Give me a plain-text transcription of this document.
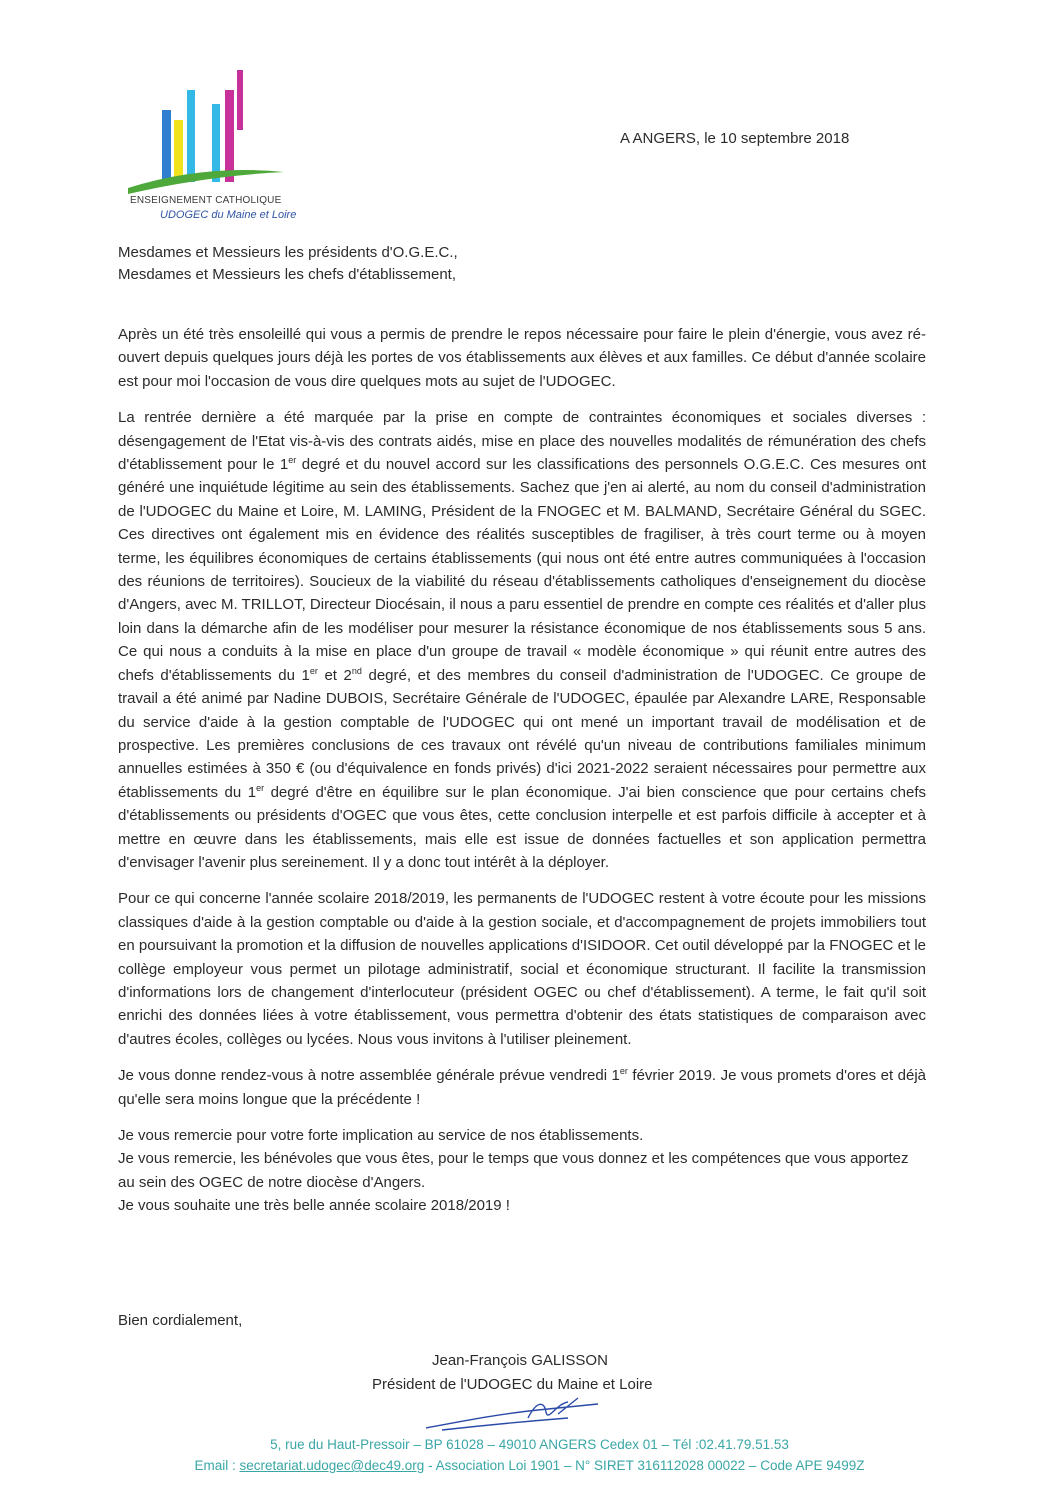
ENSEIGNEMENT CATHOLIQUE
UDOGEC du Maine et Loire
A ANGERS, le 10 septembre 2018
Mesdames et Messieurs les présidents d'O.G.E.C.,
Mesdames et Messieurs les chefs d'établissement,

Après un été très ensoleillé qui vous a permis de prendre le repos nécessaire pour faire le plein d'énergie, vous avez ré-ouvert depuis quelques jours déjà les portes de vos établissements aux élèves et aux familles. Ce début d'année scolaire est pour moi l'occasion de vous dire quelques mots au sujet de l'UDOGEC.

La rentrée dernière a été marquée par la prise en compte de contraintes économiques et sociales diverses : désengagement de l'Etat vis-à-vis des contrats aidés, mise en place des nouvelles modalités de rémunération des chefs d'établissement pour le 1er degré et du nouvel accord sur les classifications des personnels O.G.E.C. Ces mesures ont généré une inquiétude légitime au sein des établissements. Sachez que j'en ai alerté, au nom du conseil d'administration de l'UDOGEC du Maine et Loire, M. LAMING, Président de la FNOGEC et M. BALMAND, Secrétaire Général du SGEC. Ces directives ont également mis en évidence des réalités susceptibles de fragiliser, à très court terme ou à moyen terme, les équilibres économiques de certains établissements (qui nous ont été entre autres communiquées à l'occasion des réunions de territoires). Soucieux de la viabilité du réseau d'établissements catholiques d'enseignement du diocèse d'Angers, avec M. TRILLOT, Directeur Diocésain, il nous a paru essentiel de prendre en compte ces réalités et d'aller plus loin dans la démarche afin de les modéliser pour mesurer la résistance économique de nos établissements sous 5 ans. Ce qui nous a conduits à la mise en place d'un groupe de travail « modèle économique » qui réunit entre autres des chefs d'établissements du 1er et 2nd degré, et des membres du conseil d'administration de l'UDOGEC. Ce groupe de travail a été animé par Nadine DUBOIS, Secrétaire Générale de l'UDOGEC, épaulée par Alexandre LARE, Responsable du service d'aide à la gestion comptable de l'UDOGEC qui ont mené un important travail de modélisation et de prospective. Les premières conclusions de ces travaux ont révélé qu'un niveau de contributions familiales minimum annuelles estimées à 350 € (ou d'équivalence en fonds privés) d'ici 2021-2022 seraient nécessaires pour permettre aux établissements du 1er degré d'être en équilibre sur le plan économique. J'ai bien conscience que pour certains chefs d'établissements ou présidents d'OGEC que vous êtes, cette conclusion interpelle et est parfois difficile à accepter et à mettre en œuvre dans les établissements, mais elle est issue de données factuelles et son application permettra d'envisager l'avenir plus sereinement. Il y a donc tout intérêt à la déployer.

Pour ce qui concerne l'année scolaire 2018/2019, les permanents de l'UDOGEC restent à votre écoute pour les missions classiques d'aide à la gestion comptable ou d'aide à la gestion sociale, et d'accompagnement de projets immobiliers tout en poursuivant la promotion et la diffusion de nouvelles applications d'ISIDOOR. Cet outil développé par la FNOGEC et le collège employeur vous permet un pilotage administratif, social et économique structurant. Il facilite la transmission d'informations lors de changement d'interlocuteur (président OGEC ou chef d'établissement). A terme, le fait qu'il soit enrichi des données liées à votre établissement, vous permettra d'obtenir des états statistiques de comparaison avec d'autres écoles, collèges ou lycées. Nous vous invitons à l'utiliser pleinement.

Je vous donne rendez-vous à notre assemblée générale prévue vendredi 1er février 2019. Je vous promets d'ores et déjà qu'elle sera moins longue que la précédente !

Je vous remercie pour votre forte implication au service de nos établissements.
Je vous remercie, les bénévoles que vous êtes, pour le temps que vous donnez et les compétences que vous apportez au sein des OGEC de notre diocèse d'Angers.
Je vous souhaite une très belle année scolaire 2018/2019 !

Bien cordialement,
Jean-François GALISSON
Président de l'UDOGEC du Maine et Loire
5, rue du Haut-Pressoir – BP 61028 – 49010 ANGERS Cedex 01 – Tél :02.41.79.51.53
Email : secretariat.udogec@dec49.org - Association Loi 1901 – N° SIRET 316112028 00022 – Code APE 9499Z
